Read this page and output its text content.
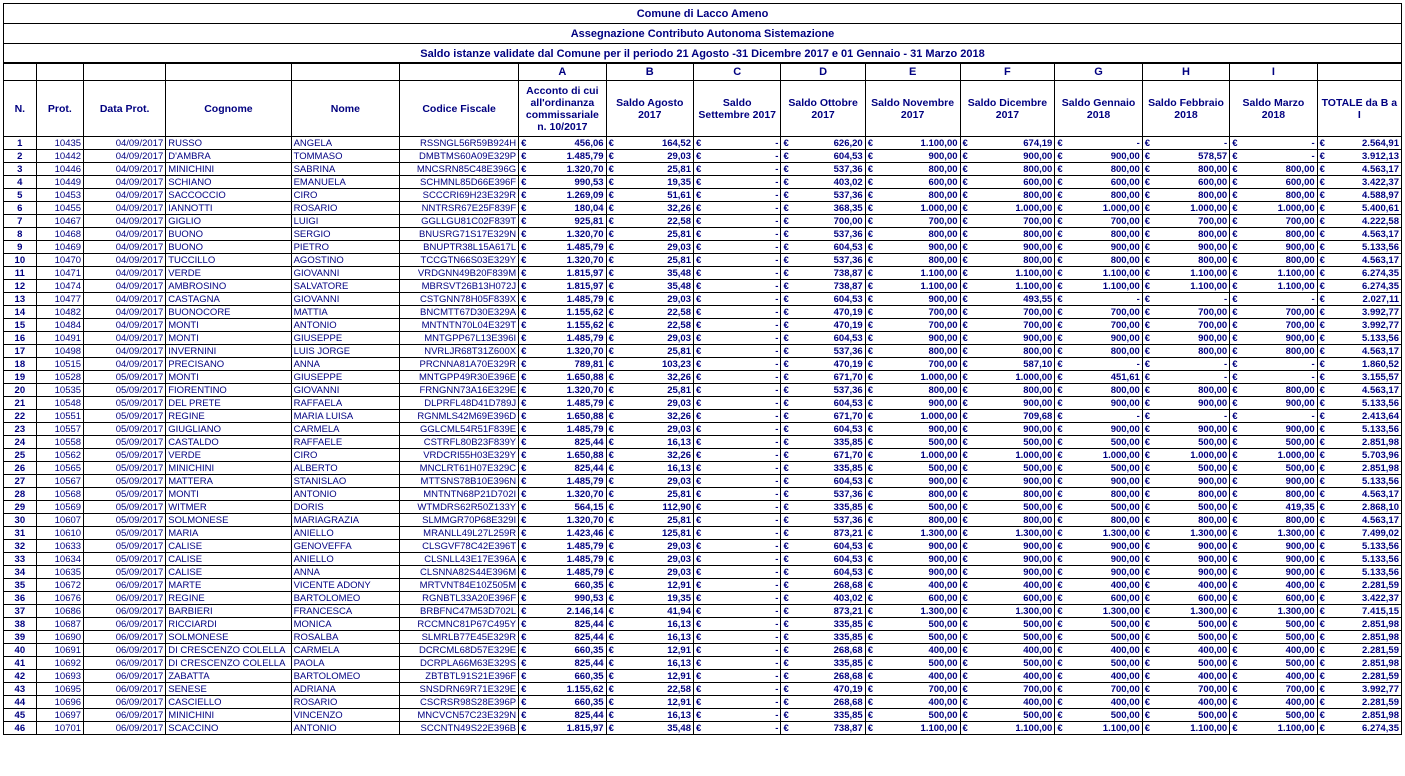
Comune di Lacco Ameno
Assegnazione Contributo Autonoma Sistemazione
Saldo istanze validate dal Comune per il periodo 21 Agosto -31 Dicembre 2017 e 01 Gennaio - 31 Marzo 2018
						A	B	C	D	E	F	G	H	I	
N.	Prot.	Data Prot.	Cognome	Nome	Codice Fiscale	Acconto di cui all'ordinanza commissariale n. 10/2017	Saldo Agosto 2017	Saldo Settembre 2017	Saldo Ottobre 2017	Saldo Novembre 2017	Saldo Dicembre 2017	Saldo Gennaio 2018	Saldo Febbraio 2018	Saldo Marzo 2018	TOTALE da B a I
1	10435	04/09/2017	RUSSO	ANGELA	RSSNGL56R59B924H	€ 456,06	€ 164,52	€ -	€ 626,20	€ 1.100,00	€ 674,19	€ -	€ -	€ -	€ 2.564,91

2	10442	04/09/2017	D'AMBRA	TOMMASO	DMBTMS60A09E329P	€ 1.485,79	€ 29,03	€ -	€ 604,53	€ 900,00	€ 900,00	€ 900,00	€ 578,57	€ -	€ 3.912,13

3	10446	04/09/2017	MINICHINI	SABRINA	MNCSRN85C48E396G	€ 1.320,70	€ 25,81	€ -	€ 537,36	€ 800,00	€ 800,00	€ 800,00	€ 800,00	€ 800,00	€ 4.563,17

4	10449	04/09/2017	SCHIANO	EMANUELA	SCHMNL85D66E396F	€ 990,53	€ 19,35	€ -	€ 403,02	€ 600,00	€ 600,00	€ 600,00	€ 600,00	€ 600,00	€ 3.422,37

5	10453	04/09/2017	SACCOCCIO	CIRO	SCCCRI69H23E329R	€ 1.269,09	€ 51,61	€ -	€ 537,36	€ 800,00	€ 800,00	€ 800,00	€ 800,00	€ 800,00	€ 4.588,97

6	10455	04/09/2017	IANNOTTI	ROSARIO	NNTRSR67E25F839F	€ 180,04	€ 32,26	€ -	€ 368,35	€ 1.000,00	€ 1.000,00	€ 1.000,00	€ 1.000,00	€ 1.000,00	€ 5.400,61

7	10467	04/09/2017	GIGLIO	LUIGI	GGLLGU81C02F839T	€ 925,81	€ 22,58	€ -	€ 700,00	€ 700,00	€ 700,00	€ 700,00	€ 700,00	€ 700,00	€ 4.222,58

8	10468	04/09/2017	BUONO	SERGIO	BNUSRG71S17E329N	€ 1.320,70	€ 25,81	€ -	€ 537,36	€ 800,00	€ 800,00	€ 800,00	€ 800,00	€ 800,00	€ 4.563,17

9	10469	04/09/2017	BUONO	PIETRO	BNUPTR38L15A617L	€ 1.485,79	€ 29,03	€ -	€ 604,53	€ 900,00	€ 900,00	€ 900,00	€ 900,00	€ 900,00	€ 5.133,56

10	10470	04/09/2017	TUCCILLO	AGOSTINO	TCCGTN66S03E329Y	€ 1.320,70	€ 25,81	€ -	€ 537,36	€ 800,00	€ 800,00	€ 800,00	€ 800,00	€ 800,00	€ 4.563,17

11	10471	04/09/2017	VERDE	GIOVANNI	VRDGNN49B20F839M	€ 1.815,97	€ 35,48	€ -	€ 738,87	€ 1.100,00	€ 1.100,00	€ 1.100,00	€ 1.100,00	€ 1.100,00	€ 6.274,35

12	10474	04/09/2017	AMBROSINO	SALVATORE	MBRSVT26B13H072J	€ 1.815,97	€ 35,48	€ -	€ 738,87	€ 1.100,00	€ 1.100,00	€ 1.100,00	€ 1.100,00	€ 1.100,00	€ 6.274,35

13	10477	04/09/2017	CASTAGNA	GIOVANNI	CSTGNN78H05F839X	€ 1.485,79	€ 29,03	€ -	€ 604,53	€ 900,00	€ 493,55	€ -	€ -	€ -	€ 2.027,11

14	10482	04/09/2017	BUONOCORE	MATTIA	BNCMTT67D30E329A	€ 1.155,62	€ 22,58	€ -	€ 470,19	€ 700,00	€ 700,00	€ 700,00	€ 700,00	€ 700,00	€ 3.992,77

15	10484	04/09/2017	MONTI	ANTONIO	MNTNTN70L04E329T	€ 1.155,62	€ 22,58	€ -	€ 470,19	€ 700,00	€ 700,00	€ 700,00	€ 700,00	€ 700,00	€ 3.992,77

16	10491	04/09/2017	MONTI	GIUSEPPE	MNTGPP67L13E396I	€ 1.485,79	€ 29,03	€ -	€ 604,53	€ 900,00	€ 900,00	€ 900,00	€ 900,00	€ 900,00	€ 5.133,56

17	10498	04/09/2017	INVERNINI	LUIS JORGE	NVRLJR68T31Z600X	€ 1.320,70	€ 25,81	€ -	€ 537,36	€ 800,00	€ 800,00	€ 800,00	€ 800,00	€ 800,00	€ 4.563,17

18	10515	04/09/2017	PRECISANO	ANNA	PRCNNA81A70E329R	€ 789,81	€ 103,23	€ -	€ 470,19	€ 700,00	€ 587,10	€ -	€ -	€ -	€ 1.860,52

19	10528	05/09/2017	MONTI	GIUSEPPE	MNTGPP49R30E396E	€ 1.650,88	€ 32,26	€ -	€ 671,70	€ 1.000,00	€ 1.000,00	€ 451,61	€ -	€ -	€ 3.155,57

20	10535	05/09/2017	FIORENTINO	GIOVANNI	FRNGNN73A16E329E	€ 1.320,70	€ 25,81	€ -	€ 537,36	€ 800,00	€ 800,00	€ 800,00	€ 800,00	€ 800,00	€ 4.563,17

21	10548	05/09/2017	DEL PRETE	RAFFAELA	DLPRFL48D41D789J	€ 1.485,79	€ 29,03	€ -	€ 604,53	€ 900,00	€ 900,00	€ 900,00	€ 900,00	€ 900,00	€ 5.133,56

22	10551	05/09/2017	REGINE	MARIA LUISA	RGNMLS42M69E396D	€ 1.650,88	€ 32,26	€ -	€ 671,70	€ 1.000,00	€ 709,68	€ -	€ -	€ -	€ 2.413,64

23	10557	05/09/2017	GIUGLIANO	CARMELA	GGLCML54R51F839E	€ 1.485,79	€ 29,03	€ -	€ 604,53	€ 900,00	€ 900,00	€ 900,00	€ 900,00	€ 900,00	€ 5.133,56

24	10558	05/09/2017	CASTALDO	RAFFAELE	CSTRFL80B23F839Y	€ 825,44	€ 16,13	€ -	€ 335,85	€ 500,00	€ 500,00	€ 500,00	€ 500,00	€ 500,00	€ 2.851,98

25	10562	05/09/2017	VERDE	CIRO	VRDCRI55H03E329Y	€ 1.650,88	€ 32,26	€ -	€ 671,70	€ 1.000,00	€ 1.000,00	€ 1.000,00	€ 1.000,00	€ 1.000,00	€ 5.703,96

26	10565	05/09/2017	MINICHINI	ALBERTO	MNCLRT61H07E329C	€ 825,44	€ 16,13	€ -	€ 335,85	€ 500,00	€ 500,00	€ 500,00	€ 500,00	€ 500,00	€ 2.851,98

27	10567	05/09/2017	MATTERA	STANISLAO	MTTSNS78B10E396N	€ 1.485,79	€ 29,03	€ -	€ 604,53	€ 900,00	€ 900,00	€ 900,00	€ 900,00	€ 900,00	€ 5.133,56

28	10568	05/09/2017	MONTI	ANTONIO	MNTNTN68P21D702I	€ 1.320,70	€ 25,81	€ -	€ 537,36	€ 800,00	€ 800,00	€ 800,00	€ 800,00	€ 800,00	€ 4.563,17

29	10569	05/09/2017	WITMER	DORIS	WTMDRS62R50Z133Y	€ 564,15	€ 112,90	€ -	€ 335,85	€ 500,00	€ 500,00	€ 500,00	€ 500,00	€ 419,35	€ 2.868,10

30	10607	05/09/2017	SOLMONESE	MARIAGRAZIA	SLMMGR70P68E329I	€ 1.320,70	€ 25,81	€ -	€ 537,36	€ 800,00	€ 800,00	€ 800,00	€ 800,00	€ 800,00	€ 4.563,17

31	10610	05/09/2017	MARIA	ANIELLO	MRANLL49L27L259R	€ 1.423,46	€ 125,81	€ -	€ 873,21	€ 1.300,00	€ 1.300,00	€ 1.300,00	€ 1.300,00	€ 1.300,00	€ 7.499,02

32	10633	05/09/2017	CALISE	GENOVEFFA	CLSGVF78C42E396T	€ 1.485,79	€ 29,03	€ -	€ 604,53	€ 900,00	€ 900,00	€ 900,00	€ 900,00	€ 900,00	€ 5.133,56

33	10634	05/09/2017	CALISE	ANIELLO	CLSNLL43E17E396A	€ 1.485,79	€ 29,03	€ -	€ 604,53	€ 900,00	€ 900,00	€ 900,00	€ 900,00	€ 900,00	€ 5.133,56

34	10635	05/09/2017	CALISE	ANNA	CLSNNA82S44E396M	€ 1.485,79	€ 29,03	€ -	€ 604,53	€ 900,00	€ 900,00	€ 900,00	€ 900,00	€ 900,00	€ 5.133,56

35	10672	06/09/2017	MARTE	VICENTE ADONY	MRTVNT84E10Z505M	€ 660,35	€ 12,91	€ -	€ 268,68	€ 400,00	€ 400,00	€ 400,00	€ 400,00	€ 400,00	€ 2.281,59

36	10676	06/09/2017	REGINE	BARTOLOMEO	RGNBTL33A20E396F	€ 990,53	€ 19,35	€ -	€ 403,02	€ 600,00	€ 600,00	€ 600,00	€ 600,00	€ 600,00	€ 3.422,37

37	10686	06/09/2017	BARBIERI	FRANCESCA	BRBFNC47M53D702L	€ 2.146,14	€ 41,94	€ -	€ 873,21	€ 1.300,00	€ 1.300,00	€ 1.300,00	€ 1.300,00	€ 1.300,00	€ 7.415,15

38	10687	06/09/2017	RICCIARDI	MONICA	RCCMNC81P67C495Y	€ 825,44	€ 16,13	€ -	€ 335,85	€ 500,00	€ 500,00	€ 500,00	€ 500,00	€ 500,00	€ 2.851,98

39	10690	06/09/2017	SOLMONESE	ROSALBA	SLMRLB77E45E329R	€ 825,44	€ 16,13	€ -	€ 335,85	€ 500,00	€ 500,00	€ 500,00	€ 500,00	€ 500,00	€ 2.851,98

40	10691	06/09/2017	DI CRESCENZO COLELLA	CARMELA	DCRCML68D57E329E	€ 660,35	€ 12,91	€ -	€ 268,68	€ 400,00	€ 400,00	€ 400,00	€ 400,00	€ 400,00	€ 2.281,59

41	10692	06/09/2017	DI CRESCENZO COLELLA	PAOLA	DCRPLA66M63E329S	€ 825,44	€ 16,13	€ -	€ 335,85	€ 500,00	€ 500,00	€ 500,00	€ 500,00	€ 500,00	€ 2.851,98

42	10693	06/09/2017	ZABATTA	BARTOLOMEO	ZBTBTL91S21E396F	€ 660,35	€ 12,91	€ -	€ 268,68	€ 400,00	€ 400,00	€ 400,00	€ 400,00	€ 400,00	€ 2.281,59

43	10695	06/09/2017	SENESE	ADRIANA	SNSDRN69R71E329E	€ 1.155,62	€ 22,58	€ -	€ 470,19	€ 700,00	€ 700,00	€ 700,00	€ 700,00	€ 700,00	€ 3.992,77

44	10696	06/09/2017	CASCIELLO	ROSARIO	CSCRSR98S28E396P	€ 660,35	€ 12,91	€ -	€ 268,68	€ 400,00	€ 400,00	€ 400,00	€ 400,00	€ 400,00	€ 2.281,59

45	10697	06/09/2017	MINICHINI	VINCENZO	MNCVCN57C23E329N	€ 825,44	€ 16,13	€ -	€ 335,85	€ 500,00	€ 500,00	€ 500,00	€ 500,00	€ 500,00	€ 2.851,98

46	10701	06/09/2017	SCACCINO	ANTONIO	SCCNTN49S22E396B	€ 1.815,97	€ 35,48	€ -	€ 738,87	€ 1.100,00	€ 1.100,00	€ 1.100,00	€ 1.100,00	€ 1.100,00	€ 6.274,35
